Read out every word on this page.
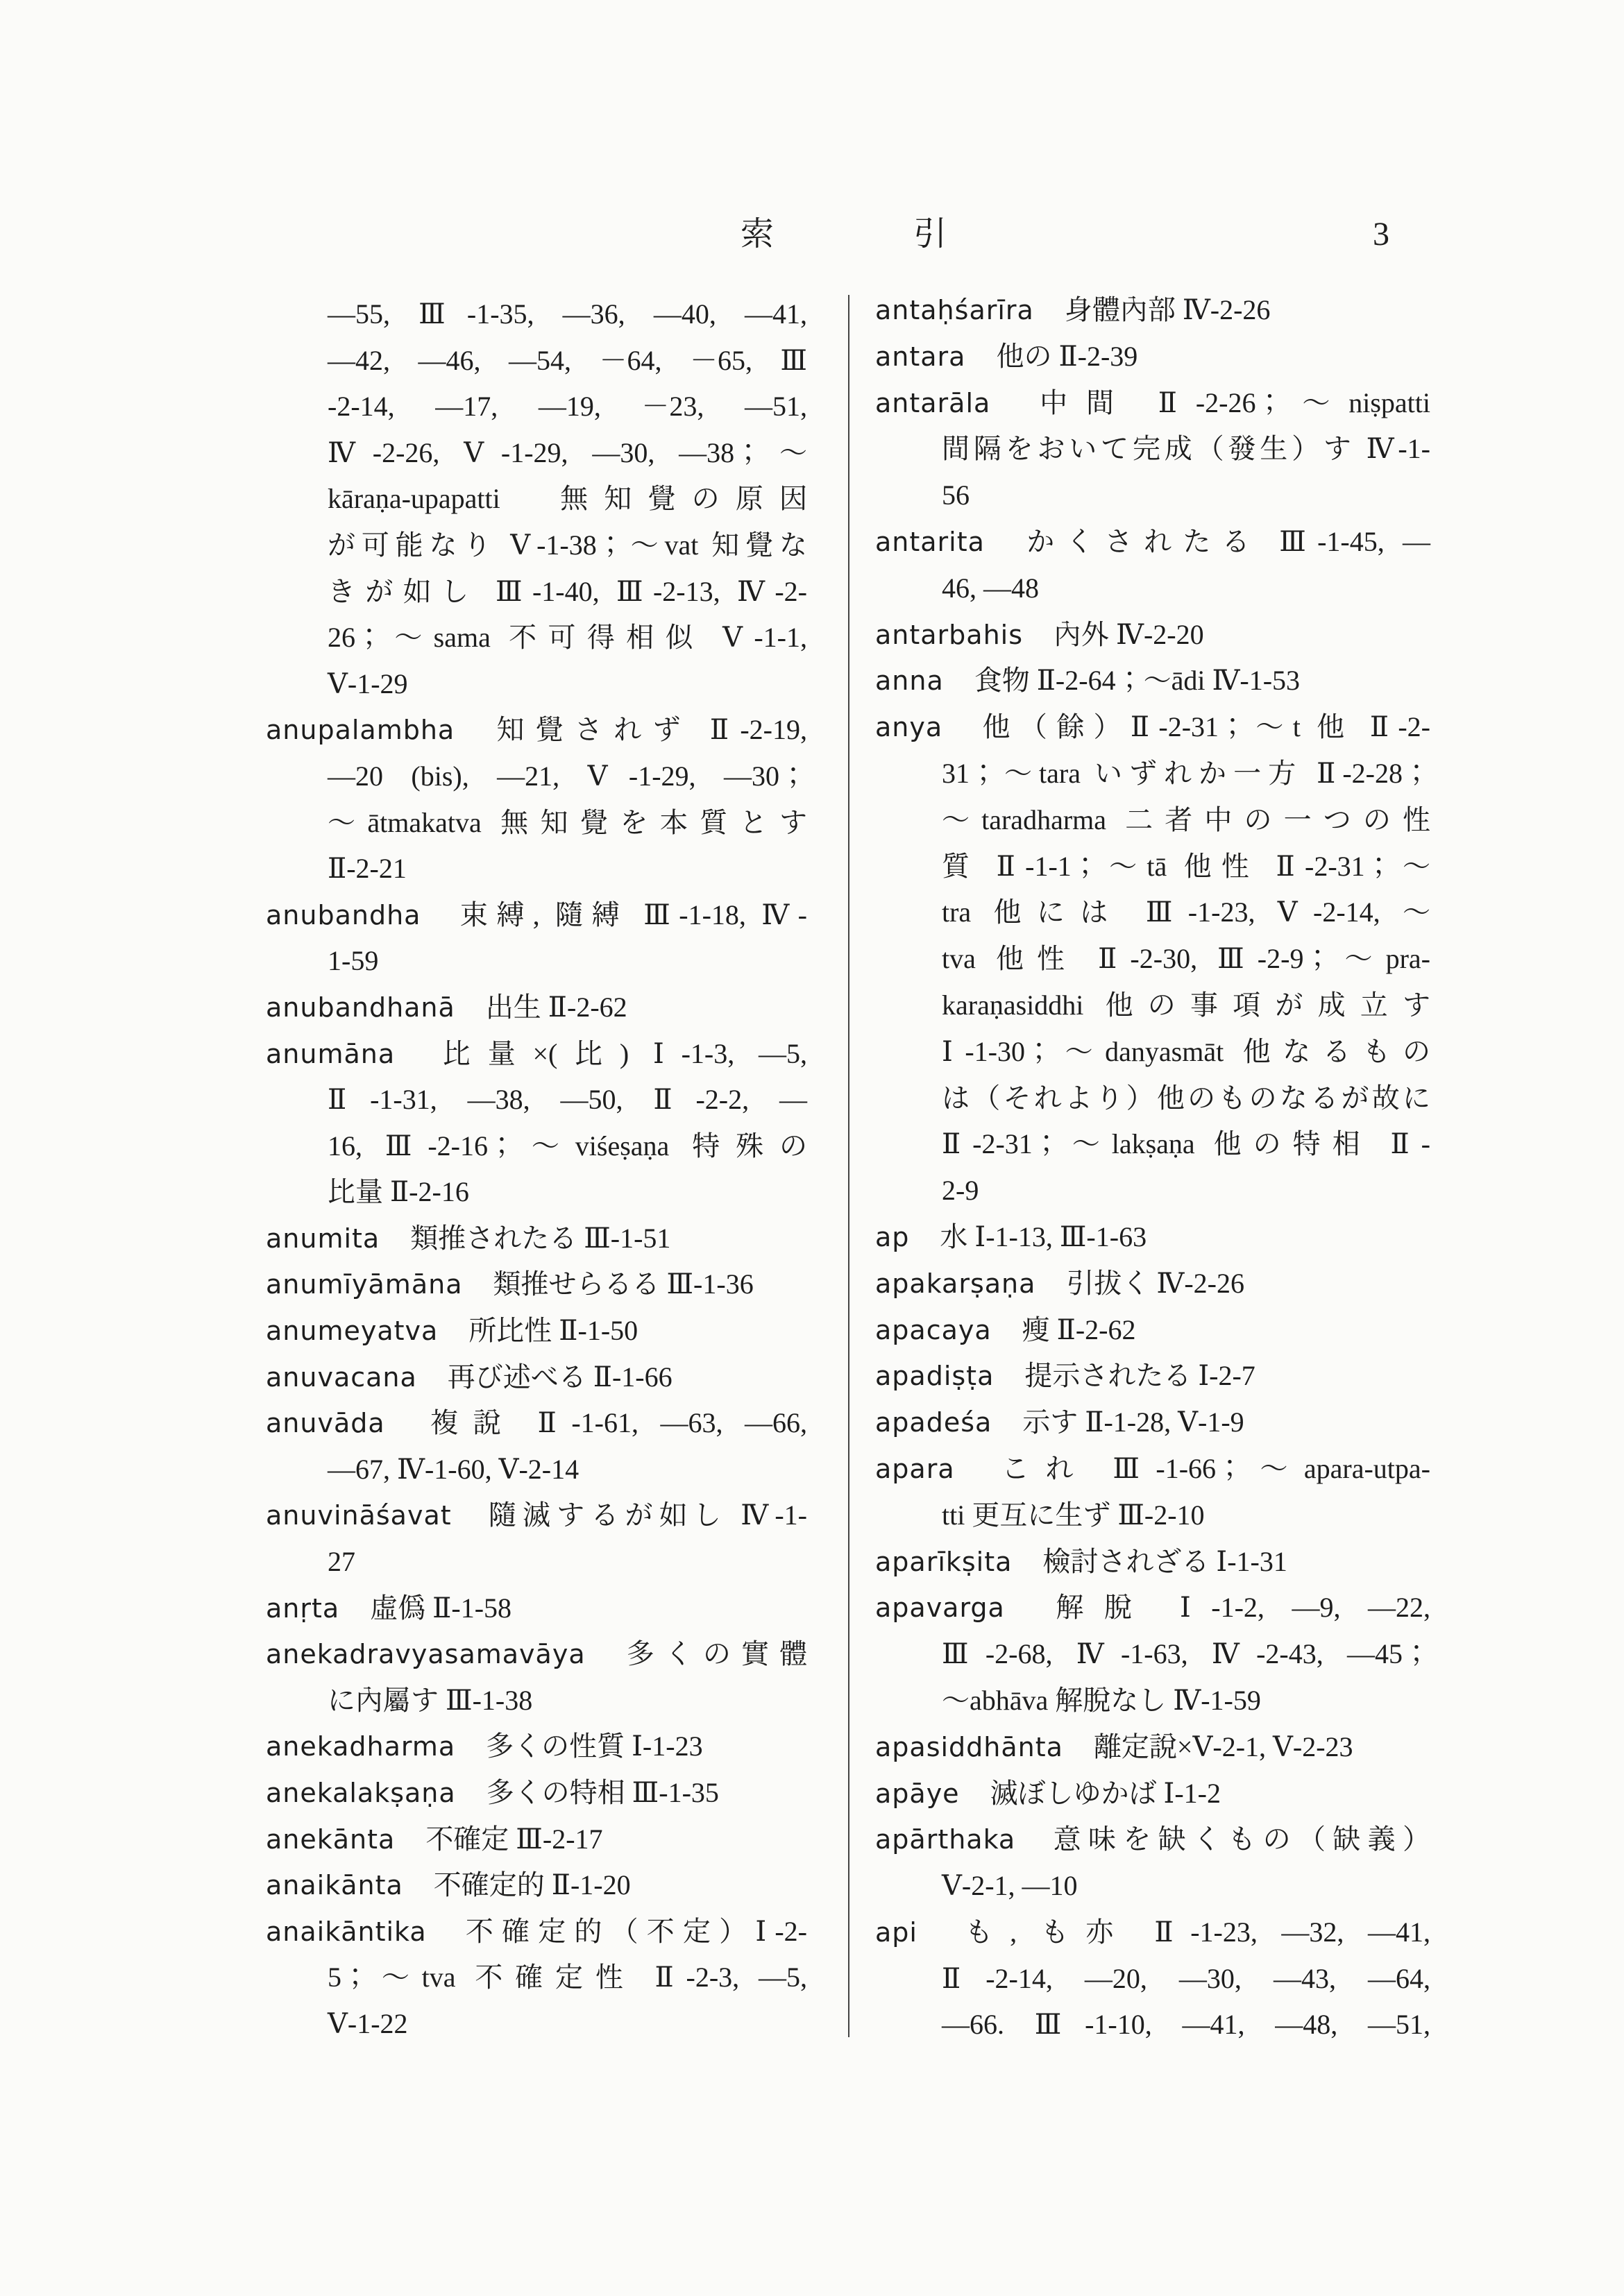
索	引	3
—55, Ⅲ-1-35, —36, —40, —41,
—42, —46, —54, －64, －65, Ⅲ
-2-14, —17, —19, －23, —51,
Ⅳ-2-26, Ⅴ-1-29, —30, —38；～
kāraṇa-upapatti　無知覺の原因
が可能なり Ⅴ-1-38；～vat 知覺な
きが如し Ⅲ-1-40, Ⅲ-2-13, Ⅳ-2-
26；～sama 不可得相似 Ⅴ-1-1,
Ⅴ-1-29
anupalambha 知覺されず Ⅱ-2-19,
—20 (bis), —21, Ⅴ-1-29, —30；
～ātmakatva 無知覺を本質とす
Ⅱ-2-21
anubandha 束縛, 隨縛 Ⅲ-1-18, Ⅳ-
1-59
anubandhanā 出生 Ⅱ-2-62
anumāna 比量×(比) Ⅰ-1-3, —5,
Ⅱ-1-31, —38, —50, Ⅱ-2-2, —
16, Ⅲ-2-16；～viśeṣaṇa 特殊の
比量 Ⅱ-2-16
anumita 類推されたる Ⅲ-1-51
anumīyāmāna 類推せらるる Ⅲ-1-36
anumeyatva 所比性 Ⅱ-1-50
anuvacana 再び述べる Ⅱ-1-66
anuvāda 複說 Ⅱ-1-61, —63, —66,
—67, Ⅳ-1-60, Ⅴ-2-14
anuvināśavat 隨滅するが如し Ⅳ-1-
27
anṛta 虛僞 Ⅱ-1-58
anekadravyasamavāya 多くの實體
に內屬す Ⅲ-1-38
anekadharma 多くの性質 Ⅰ-1-23
anekalakṣaṇa 多くの特相 Ⅲ-1-35
anekānta 不確定 Ⅲ-2-17
anaikānta 不確定的 Ⅱ-1-20
anaikāntika 不確定的（不定）Ⅰ-2-
5；～tva 不確定性 Ⅱ-2-3, —5,
Ⅴ-1-22
antaḥśarīra 身體內部 Ⅳ-2-26
antara 他の Ⅱ-2-39
antarāla 中間 Ⅱ-2-26；～niṣpatti
間隔をおいて完成（發生）す Ⅳ-1-
56
antarita かくされたる Ⅲ-1-45, —
46, —48
antarbahis 內外 Ⅳ-2-20
anna 食物 Ⅱ-2-64；～ādi Ⅳ-1-53
anya 他（餘）Ⅱ-2-31；～t 他 Ⅱ-2-
31；～tara いずれか一方 Ⅱ-2-28；
～taradharma 二者中の一つの性
質 Ⅱ-1-1；～tā 他性 Ⅱ-2-31；～
tra 他には Ⅲ-1-23, Ⅴ-2-14, ～
tva 他性 Ⅱ-2-30, Ⅲ-2-9；～pra-
karaṇasiddhi 他の事項が成立す
Ⅰ-1-30；～danyasmāt 他なるもの
は（それより）他のものなるが故に
Ⅱ-2-31；～lakṣaṇa 他の特相 Ⅱ-
2-9
ap 水 Ⅰ-1-13, Ⅲ-1-63
apakarṣaṇa 引拔く Ⅳ-2-26
apacaya 瘦 Ⅱ-2-62
apadiṣṭa 提示されたる Ⅰ-2-7
apadeśa 示す Ⅱ-1-28, Ⅴ-1-9
apara これ Ⅲ-1-66；～apara-utpa-
tti 更互に生ず Ⅲ-2-10
aparīkṣita 檢討されざる Ⅰ-1-31
apavarga 解脫 Ⅰ-1-2, —9, —22,
Ⅲ-2-68, Ⅳ-1-63, Ⅳ-2-43, —45；
～abhāva 解脫なし Ⅳ-1-59
apasiddhānta 離定說×Ⅴ-2-1, Ⅴ-2-23
apāye 滅ぼしゆかば Ⅰ-1-2
apārthaka 意味を缺くもの（缺義）
Ⅴ-2-1, —10
api も, も亦 Ⅱ-1-23, —32, —41,
Ⅱ-2-14, —20, —30, —43, —64,
—66. Ⅲ-1-10, —41, —48, —51,
